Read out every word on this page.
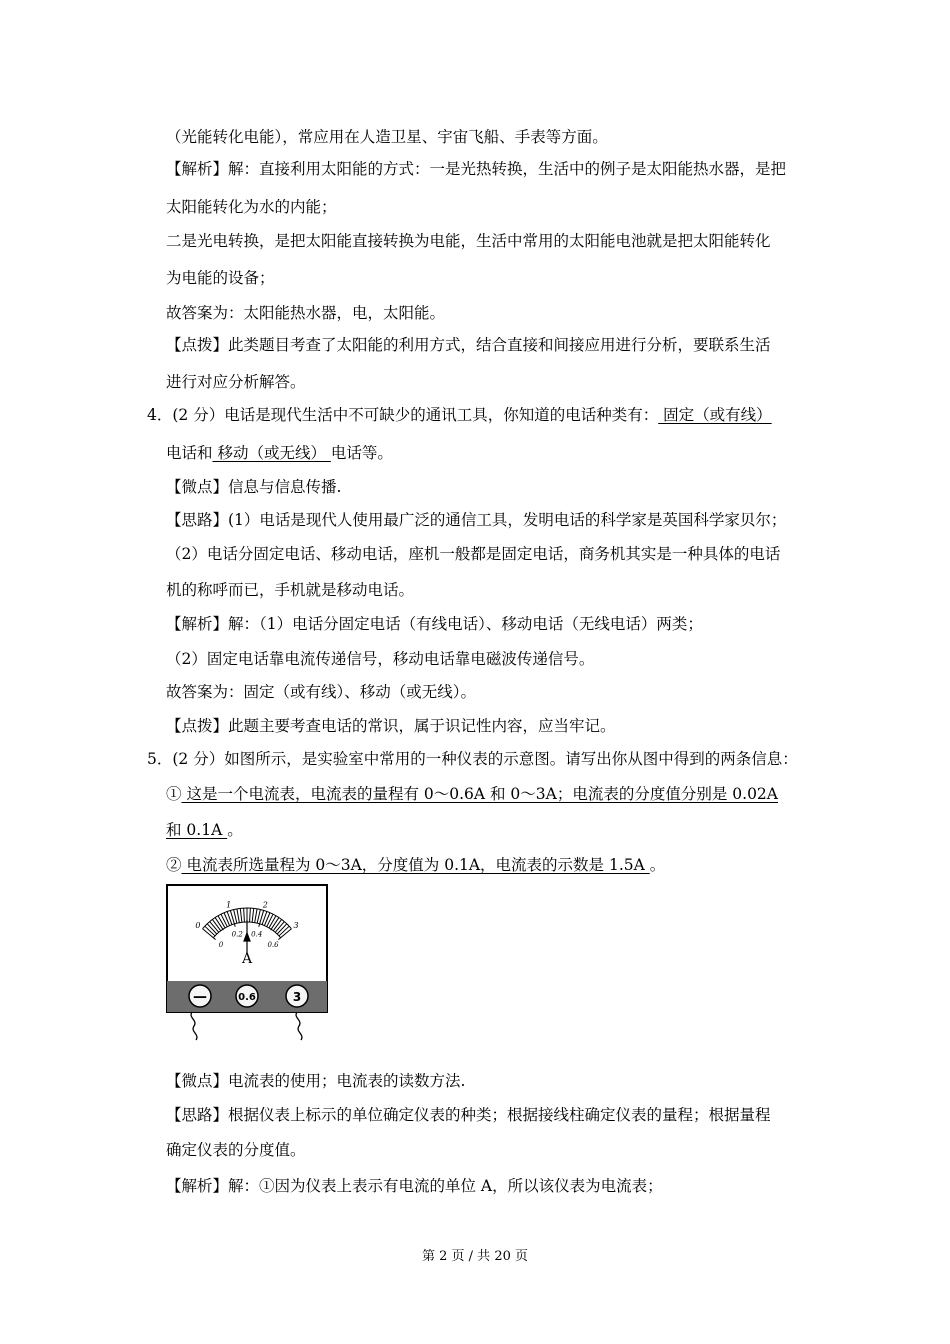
（光能转化电能），常应用在人造卫星、宇宙飞船、手表等方面。
【解析】解：直接利用太阳能的方式：一是光热转换，生活中的例子是太阳能热水器，是把
太阳能转化为水的内能；
二是光电转换，是把太阳能直接转换为电能，生活中常用的太阳能电池就是把太阳能转化
为电能的设备；
故答案为：太阳能热水器，电，太阳能。
【点拨】此类题目考查了太阳能的利用方式，结合直接和间接应用进行分析，要联系生活
进行对应分析解答。
4．(2 分）电话是现代生活中不可缺少的通讯工具，你知道的电话种类有： 固定（或有线）
电话和 移动（或无线） 电话等。
【微点】信息与信息传播.
【思路】(1）电话是现代人使用最广泛的通信工具，发明电话的科学家是英国科学家贝尔；
（2）电话分固定电话、移动电话，座机一般都是固定电话，商务机其实是一种具体的电话
机的称呼而已，手机就是移动电话。
【解析】解：（1）电话分固定电话（有线电话）、移动电话（无线电话）两类；
（2）固定电话靠电流传递信号，移动电话靠电磁波传递信号。
故答案为：固定（或有线）、移动（或无线）。
【点拨】此题主要考查电话的常识，属于识记性内容，应当牢记。
5．(2 分）如图所示，是实验室中常用的一种仪表的示意图。请写出你从图中得到的两条信息：
① 这是一个电流表，电流表的量程有 0～0.6A 和 0～3A；电流表的分度值分别是 0.02A
和 0.1A 。
② 电流表所选量程为 0～3A，分度值为 0.1A，电流表的示数是 1.5A 。
0
1	2
3
0
0.2 0.4
0.6
A
—	0.6	3
【微点】电流表的使用；电流表的读数方法.
【思路】根据仪表上标示的单位确定仪表的种类；根据接线柱确定仪表的量程；根据量程
确定仪表的分度值。
【解析】解：①因为仪表上表示有电流的单位 A，所以该仪表为电流表；
第 2 页 / 共 20 页
